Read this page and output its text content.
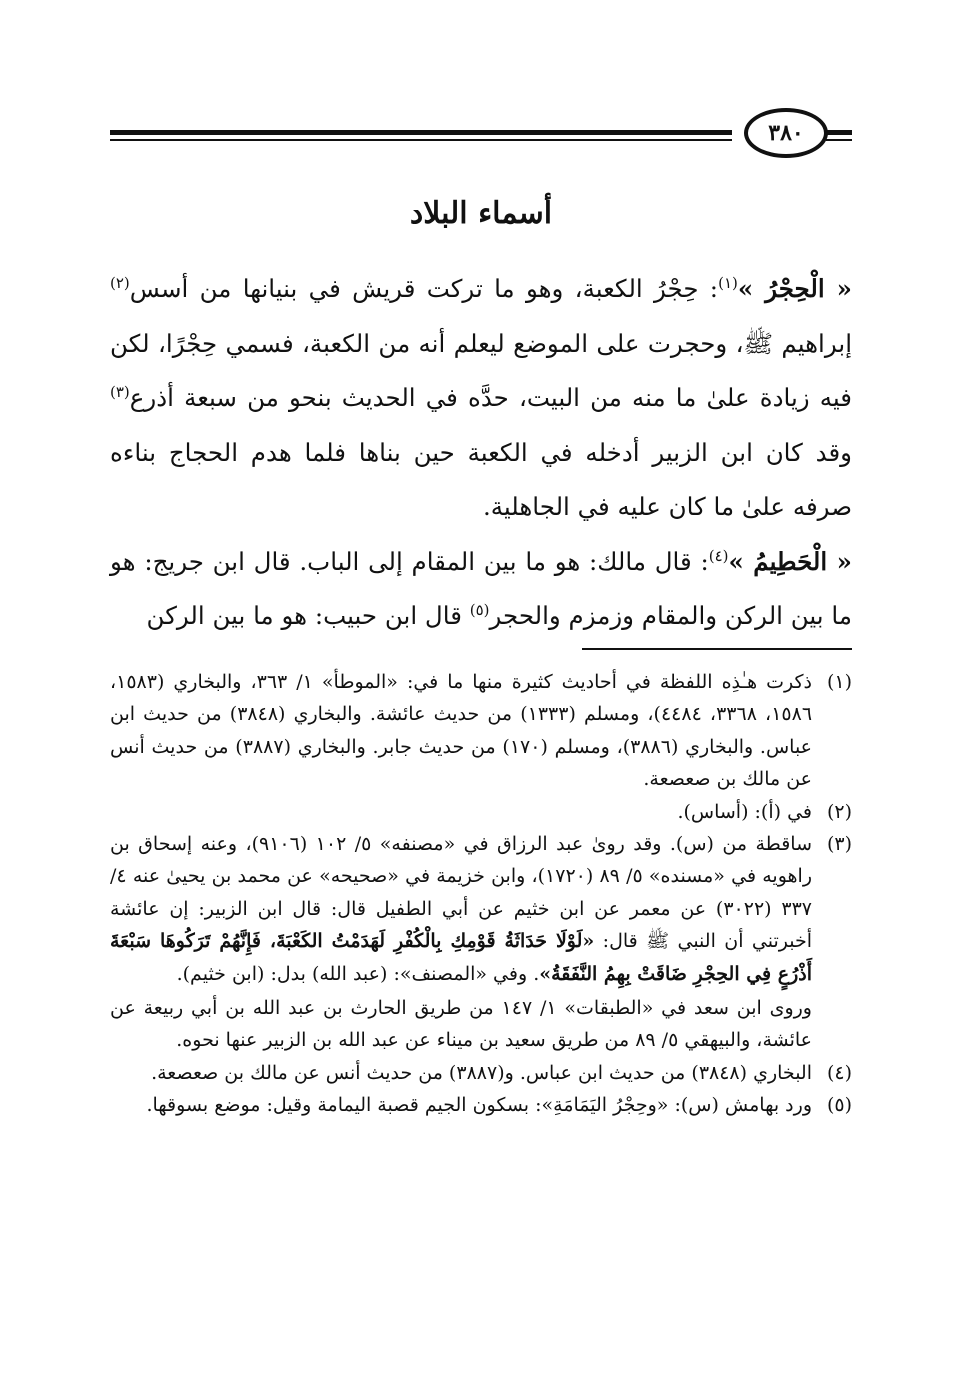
٣٨٠
أسماء البلاد

« الْحِجْرُ »$^{(١)}$: حِجْرُ الكعبة، وهو ما تركت قريش في بنيانها من أسس$^{(٢)}$ إبراهيم ﷺ، وحجرت على الموضع ليعلم أنه من الكعبة، فسمي حِجْرًا، لكن فيه زيادة علىٰ ما منه من البيت، حدَّه في الحديث بنحو من سبعة أذرع$^{(٣)}$ وقد كان ابن الزبير أدخله في الكعبة حين بناها فلما هدم الحجاج بناءه صرفه علىٰ ما كان عليه في الجاهلية.

« الْحَطِيمُ »$^{(٤)}$: قال مالك: هو ما بين المقام إلى الباب. قال ابن جريج: هو ما بين الركن والمقام وزمزم والحجر$^{(٥)}$ قال ابن حبيب: هو ما بين الركن

(١)
ذكرت هـٰذِه اللفظة في أحاديث كثيرة منها ما في: «الموطأ» ١/ ٣٦٣، والبخاري (١٥٨٣، ١٥٨٦، ٣٣٦٨، ٤٤٨٤)، ومسلم (١٣٣٣) من حديث عائشة. والبخاري (٣٨٤٨) من حديث ابن عباس. والبخاري (٣٨٨٦)، ومسلم (١٧٠) من حديث جابر. والبخاري (٣٨٨٧) من حديث أنس عن مالك بن صعصعة.
(٢)
في (أ): (أساس).
(٣)
ساقطة من (س). وقد روىٰ عبد الرزاق في «مصنفه» ٥/ ١٠٢ (٩١٠٦)، وعنه إسحاق بن راهويه في «مسنده» ٥/ ٨٩ (١٧٢٠)، وابن خزيمة في «صحيحه» عن محمد بن يحيىٰ عنه ٤/ ٣٣٧ (٣٠٢٢) عن معمر عن ابن خثيم عن أبي الطفيل قال: قال ابن الزبير: إن عائشة أخبرتني أن النبي ﷺ قال: «لَوْلَا حَدَاثَةُ قَوْمِكِ بِالْكُفْرِ لَهَدَمْتُ الكَعْبَةَ، فَإِنَّهُمْ تَرَكُوهَا سَبْعَةَ أَذْرُعٍ فِي الحِجْرِ ضَاقَتْ بِهِمُ النَّفَقَةُ». وفي «المصنف»: (عبد الله) بدل: (ابن خثيم).
وروى ابن سعد في «الطبقات» ١/ ١٤٧ من طريق الحارث بن عبد الله بن أبي ربيعة عن عائشة، والبيهقي ٥/ ٨٩ من طريق سعيد بن ميناء عن عبد الله بن الزبير عنها نحوه.
(٤)
البخاري (٣٨٤٨) من حديث ابن عباس. و(٣٨٨٧) من حديث أنس عن مالك بن صعصعة.
(٥)
ورد بهامش (س): «وحِجْرُ اليَمَامَةِ»: بسكون الجيم قصبة اليمامة وقيل: موضع بسوقها.
